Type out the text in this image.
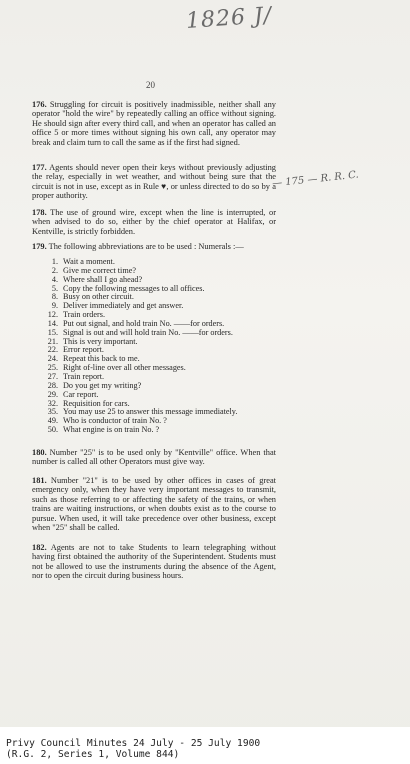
1826 J/
20

176. Struggling for circuit is positively inadmissible, neither shall any operator "hold the wire" by repeatedly calling an office without signing. He should sign after every third call, and when an operator has called an office 5 or more times without signing his own call, any operator may break and claim turn to call the same as if the first had signed.

177. Agents should never open their keys without previously adjusting the relay, especially in wet weather, and without being sure that the circuit is not in use, except as in Rule ♥, or unless directed to do so by a proper authority.

— 175 — R. R. C.

178. The use of ground wire, except when the line is interrupted, or when advised to do so, either by the chief operator at Halifax, or Kentville, is strictly forbidden.

179. The following abbreviations are to be used : Numerals :—

1. Wait a moment.
2. Give me correct time?
4. Where shall I go ahead?
5. Copy the following messages to all offices.
8. Busy on other circuit.
9. Deliver immediately and get answer.
12. Train orders.
14. Put out signal, and hold train No. ——for orders.
15. Signal is out and will hold train No. ——for orders.
21. This is very important.
22. Error report.
24. Repeat this back to me.
25. Right of-line over all other messages.
27. Train report.
28. Do you get my writing?
29. Car report.
32. Requisition for cars.
35. You may use 25 to answer this message immediately.
49. Who is conductor of train No. ?
50. What engine is on train No. ?

180. Number "25" is to be used only by "Kentville" office. When that number is called all other Operators must give way.

181. Number "21" is to be used by other offices in cases of great emergency only, when they have very important messages to transmit, such as those referring to or affecting the safety of the trains, or when trains are waiting instructions, or when doubts exist as to the course to pursue. When used, it will take precedence over other business, except when "25" shall be called.

182. Agents are not to take Students to learn telegraphing without having first obtained the authority of the Superintendent. Students must not be allowed to use the instruments during the absence of the Agent, nor to open the circuit during business hours.

Privy Council Minutes 24 July - 25 July 1900
(R.G. 2, Series 1, Volume 844)
